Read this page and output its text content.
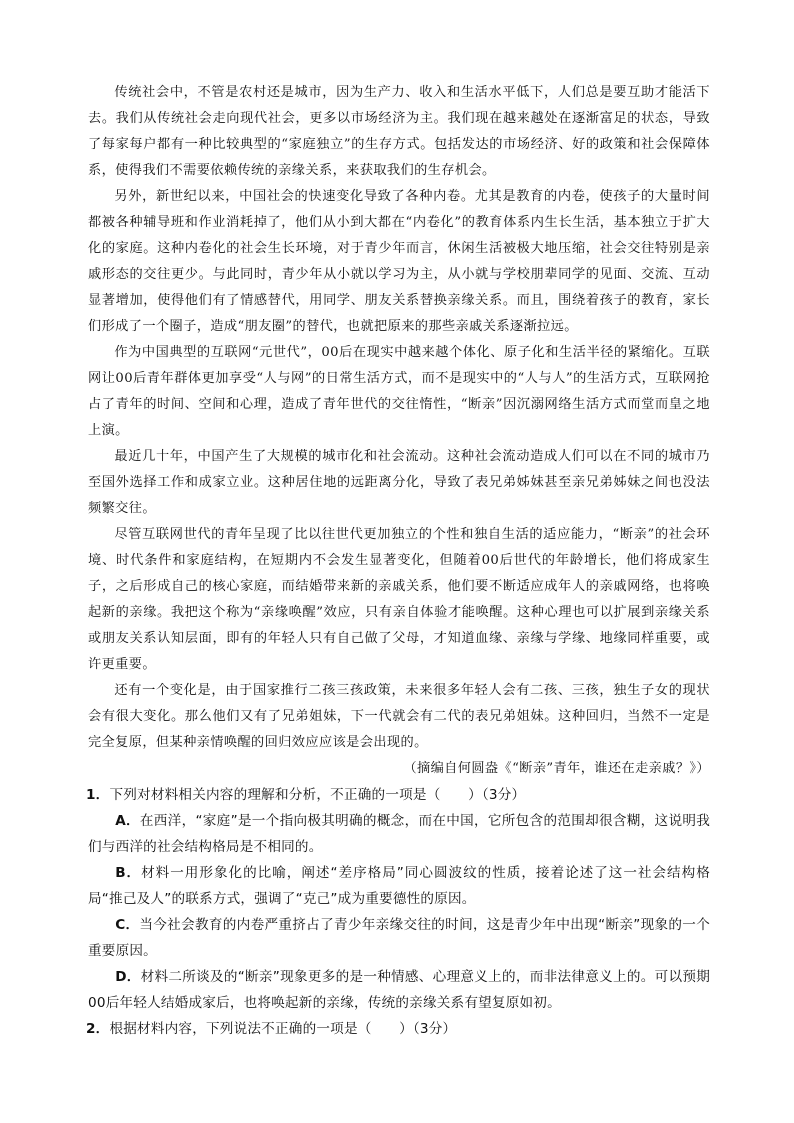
传统社会中，不管是农村还是城市，因为生产力、收入和生活水平低下，人们总是要互助才能活下去。我们从传统社会走向现代社会，更多以市场经济为主。我们现在越来越处在逐渐富足的状态，导致了每家每户都有一种比较典型的“家庭独立”的生存方式。包括发达的市场经济、好的政策和社会保障体系，使得我们不需要依赖传统的亲缘关系，来获取我们的生存机会。

另外，新世纪以来，中国社会的快速变化导致了各种内卷。尤其是教育的内卷，使孩子的大量时间都被各种辅导班和作业消耗掉了，他们从小到大都在“内卷化”的教育体系内生长生活，基本独立于扩大化的家庭。这种内卷化的社会生长环境，对于青少年而言，休闲生活被极大地压缩，社会交往特别是亲戚形态的交往更少。与此同时，青少年从小就以学习为主，从小就与学校朋辈同学的见面、交流、互动显著增加，使得他们有了情感替代，用同学、朋友关系替换亲缘关系。而且，围绕着孩子的教育，家长们形成了一个圈子，造成“朋友圈”的替代，也就把原来的那些亲戚关系逐渐拉远。

作为中国典型的互联网“元世代”，00后在现实中越来越个体化、原子化和生活半径的紧缩化。互联网让00后青年群体更加享受“人与网”的日常生活方式，而不是现实中的“人与人”的生活方式，互联网抢占了青年的时间、空间和心理，造成了青年世代的交往惰性，“断亲”因沉溺网络生活方式而堂而皇之地上演。

最近几十年，中国产生了大规模的城市化和社会流动。这种社会流动造成人们可以在不同的城市乃至国外选择工作和成家立业。这种居住地的远距离分化，导致了表兄弟姊妹甚至亲兄弟姊妹之间也没法频繁交往。

尽管互联网世代的青年呈现了比以往世代更加独立的个性和独自生活的适应能力，“断亲”的社会环境、时代条件和家庭结构，在短期内不会发生显著变化，但随着00后世代的年龄增长，他们将成家生子，之后形成自己的核心家庭，而结婚带来新的亲戚关系，他们要不断适应成年人的亲戚网络，也将唤起新的亲缘。我把这个称为“亲缘唤醒”效应，只有亲自体验才能唤醒。这种心理也可以扩展到亲缘关系或朋友关系认知层面，即有的年轻人只有自己做了父母，才知道血缘、亲缘与学缘、地缘同样重要，或许更重要。

还有一个变化是，由于国家推行二孩三孩政策，未来很多年轻人会有二孩、三孩，独生子女的现状会有很大变化。那么他们又有了兄弟姐妹，下一代就会有二代的表兄弟姐妹。这种回归，当然不一定是完全复原，但某种亲情唤醒的回归效应应该是会出现的。

（摘编自何圆盎《“断亲”青年，谁还在走亲戚？》）

1．下列对材料相关内容的理解和分析，不正确的一项是（　　）（3分）

A．在西洋，“家庭”是一个指向极其明确的概念，而在中国，它所包含的范围却很含糊，这说明我们与西洋的社会结构格局是不相同的。

B．材料一用形象化的比喻，阐述“差序格局”同心圆波纹的性质，接着论述了这一社会结构格局“推己及人”的联系方式，强调了“克己”成为重要德性的原因。

C．当今社会教育的内卷严重挤占了青少年亲缘交往的时间，这是青少年中出现“断亲”现象的一个重要原因。

D．材料二所谈及的“断亲”现象更多的是一种情感、心理意义上的，而非法律意义上的。可以预期00后年轻人结婚成家后，也将唤起新的亲缘，传统的亲缘关系有望复原如初。

2．根据材料内容，下列说法不正确的一项是（　　）（3分）
